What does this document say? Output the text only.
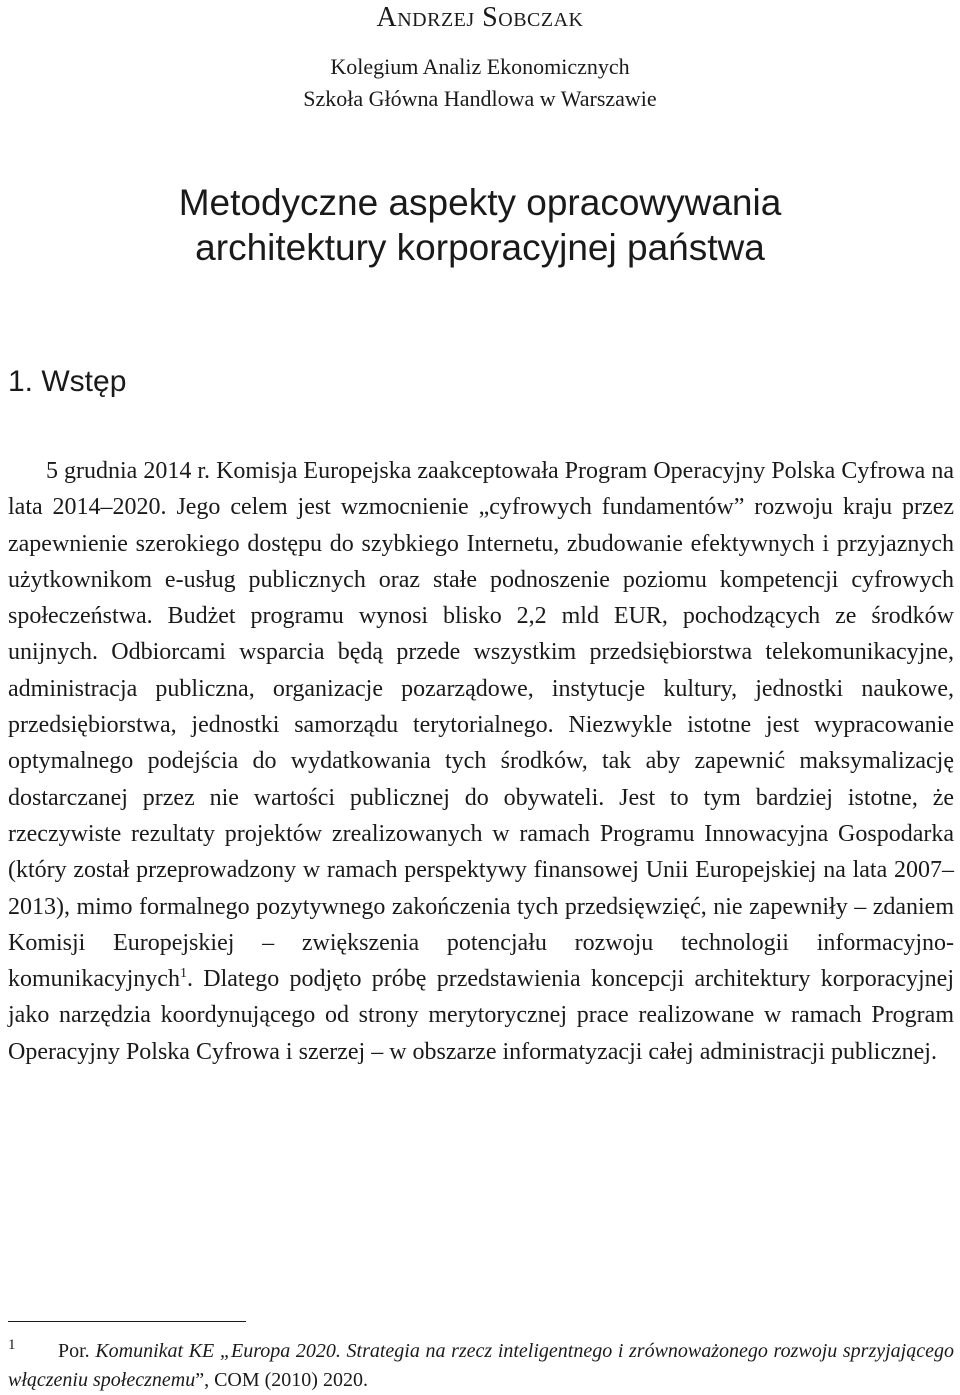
Andrzej Sobczak
Kolegium Analiz Ekonomicznych
Szkoła Główna Handlowa w Warszawie
Metodyczne aspekty opracowywania
architektury korporacyjnej państwa
1. Wstęp

5 grudnia 2014 r. Komisja Europejska zaakceptowała Program Operacyjny Polska Cyfrowa na lata 2014–2020. Jego celem jest wzmocnienie „cyfrowych fundamentów” rozwoju kraju przez zapewnienie szerokiego dostępu do szybkiego Internetu, zbudowanie efektywnych i przyjaznych użytkownikom e-usług publicznych oraz stałe podnoszenie poziomu kompetencji cyfrowych społeczeństwa. Budżet programu wynosi blisko 2,2 mld EUR, pochodzących ze środków unijnych. Odbiorcami wsparcia będą przede wszystkim przedsiębiorstwa telekomunikacyjne, administracja publiczna, organizacje pozarządowe, instytucje kultury, jednostki naukowe, przedsiębiorstwa, jednostki samorządu terytorialnego. Niezwykle istotne jest wypracowanie optymalnego podejścia do wydatkowania tych środków, tak aby zapewnić maksymalizację dostarczanej przez nie wartości publicznej do obywateli. Jest to tym bardziej istotne, że rzeczywiste rezultaty projektów zrealizowanych w ramach Programu Innowacyjna Gospodarka (który został przeprowadzony w ramach perspektywy finansowej Unii Europejskiej na lata 2007–2013), mimo formalnego pozytywnego zakończenia tych przedsięwzięć, nie zapewniły – zdaniem Komisji Europejskiej – zwiększenia potencjału rozwoju technologii informacyjno-komunikacyjnych$^1$. Dlatego podjęto próbę przedstawienia koncepcji architektury korporacyjnej jako narzędzia koordynującego od strony merytorycznej prace realizowane w ramach Program Operacyjny Polska Cyfrowa i szerzej – w obszarze informatyzacji całej administracji publicznej.

1 Por. Komunikat KE „Europa 2020. Strategia na rzecz inteligentnego i zrównoważonego rozwoju sprzyjającego włączeniu społecznemu”, COM (2010) 2020.
